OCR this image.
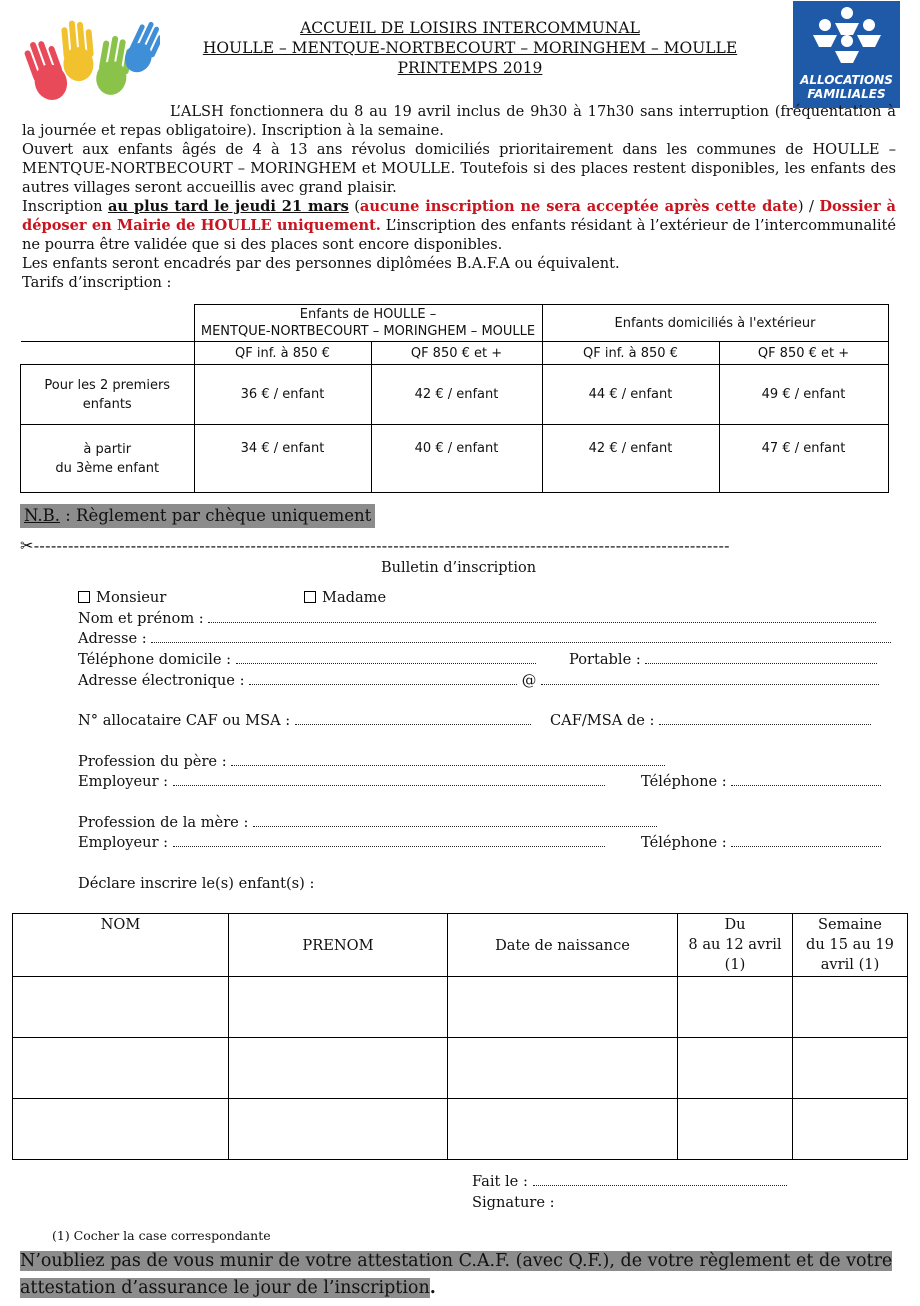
ALLOCATIONS
FAMILIALES
ACCUEIL DE LOISIRS INTERCOMMUNAL
HOULLE – MENTQUE-NORTBECOURT – MORINGHEM – MOULLE
PRINTEMPS 2019

L’ALSH fonctionnera du 8 au 19 avril inclus de 9h30 à 17h30 sans interruption (fréquentation à la journée et repas obligatoire). Inscription à la semaine.

Ouvert aux enfants âgés de 4 à 13 ans révolus domiciliés prioritairement dans les communes de HOULLE – MENTQUE-NORTBECOURT – MORINGHEM et MOULLE. Toutefois si des places restent disponibles, les enfants des autres villages seront accueillis avec grand plaisir.

Inscription au plus tard le jeudi 21 mars (aucune inscription ne sera acceptée après cette date) / Dossier à déposer en Mairie de HOULLE uniquement. L’inscription des enfants résidant à l’extérieur de l’intercommunalité ne pourra être validée que si des places sont encore disponibles.

Les enfants seront encadrés par des personnes diplômées B.A.F.A ou équivalent.

Tarifs d’inscription :

	Enfants de HOULLE –
MENTQUE-NORTBECOURT – MORINGHEM – MOULLE		Enfants domiciliés à l'extérieur	
	QF inf. à 850 €	QF 850 € et +	QF inf. à 850 €	QF 850 € et +
Pour les 2 premiers
enfants	36 € / enfant	42 € / enfant	44 € / enfant	49 € / enfant
à partir
du 3ème enfant	34 € / enfant	40 € / enfant	42 € / enfant	47 € / enfant
N.B. : Règlement par chèque uniquement
✂--------------------------------------------------------------------------------------------------------------------------
Bulletin d’inscription
Monsieur	Madame
Nom et prénom :
Adresse :
Téléphone domicile :	Portable :
Adresse électronique :	@
N° allocataire CAF ou MSA :	CAF/MSA de :
Profession du père :
Employeur :	Téléphone :
Profession de la mère :
Employeur :	Téléphone :
Déclare inscrire le(s) enfant(s) :
NOM	PRENOM	Date de naissance	Du
8 au 12 avril
(1)	Semaine
du 15 au 19
avril (1)

Fait le :
Signature :
(1) Cocher la case correspondante
N’oubliez pas de vous munir de votre attestation C.A.F. (avec Q.F.), de votre règlement et de votre attestation d’assurance le jour de l’inscription.
